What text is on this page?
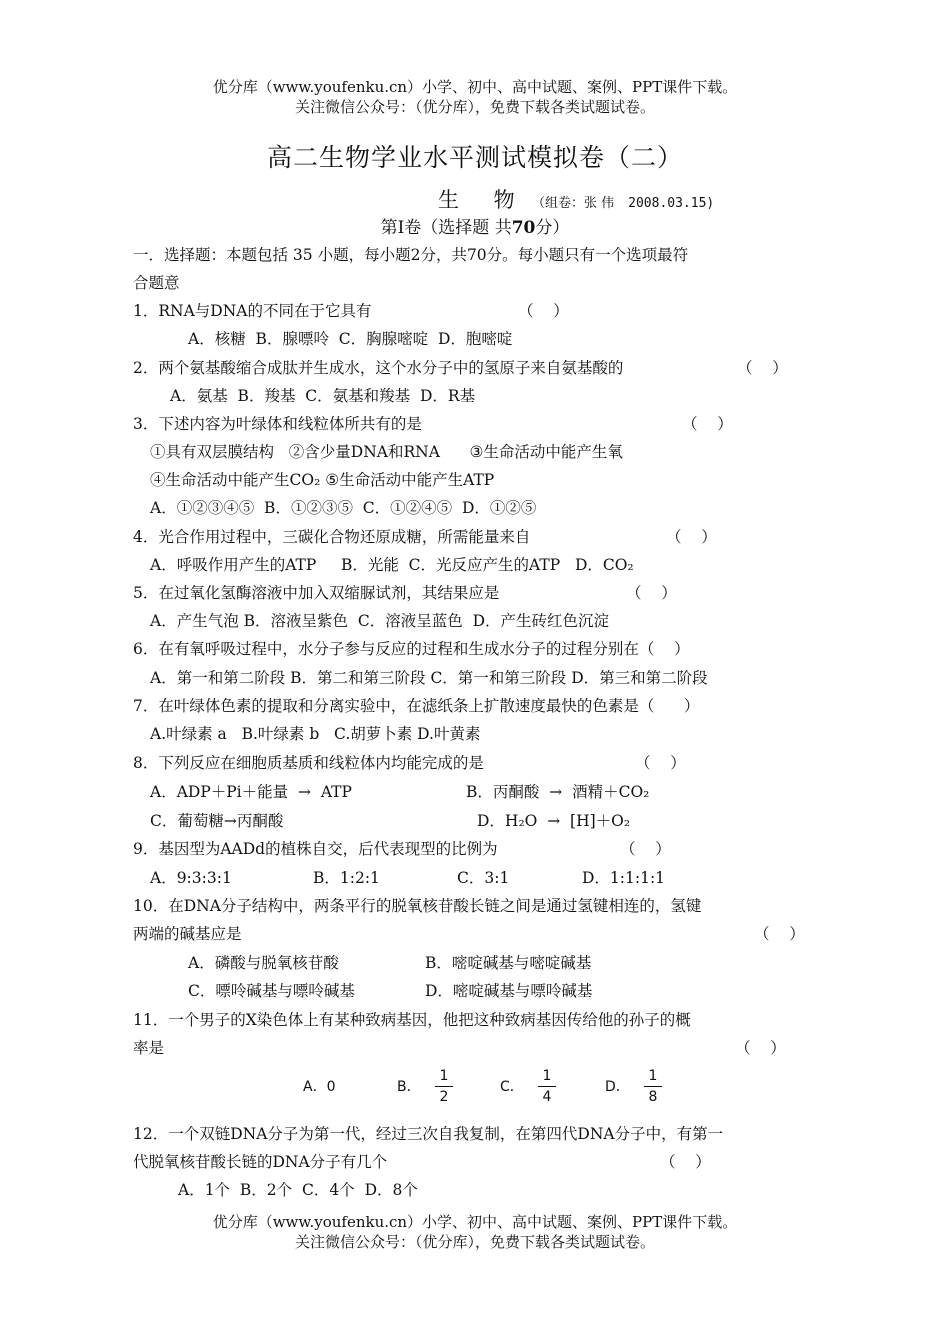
优分库（www.youfenku.cn）小学、初中、高中试题、案例、PPT课件下载。
关注微信公众号：（优分库），免费下载各类试题试卷。
高二生物学业水平测试模拟卷（二）
生 物 （组卷：张 伟 2008.03.15)
第Ⅰ卷（选择题 共70分）
一．选择题：本题包括 35 小题，每小题2分，共70分。每小题只有一个选项最符
合题意
1．RNA与DNA的不同在于它具有	（    ）
A．核糖  B．腺嘌呤  C．胸腺嘧啶  D．胞嘧啶
2．两个氨基酸缩合成肽并生成水，这个水分子中的氢原子来自氨基酸的	（    ）
A．氨基  B．羧基  C．氨基和羧基  D．R基
3．下述内容为叶绿体和线粒体所共有的是	（    ）
①具有双层膜结构   ②含少量DNA和RNA      ③生命活动中能产生氧
④生命活动中能产生CO₂ ⑤生命活动中能产生ATP
A．①②③④⑤  B．①②③⑤  C．①②④⑤  D．①②⑤
4．光合作用过程中，三碳化合物还原成糖，所需能量来自	（    ）
A．呼吸作用产生的ATP     B．光能  C．光反应产生的ATP   D．CO₂
5．在过氧化氢酶溶液中加入双缩脲试剂，其结果应是	（    ）
A．产生气泡 B．溶液呈紫色  C．溶液呈蓝色  D．产生砖红色沉淀
6．在有氧呼吸过程中，水分子参与反应的过程和生成水分子的过程分别在（    ）
A．第一和第二阶段 B．第二和第三阶段 C．第一和第三阶段 D．第三和第二阶段
7．在叶绿体色素的提取和分离实验中，在滤纸条上扩散速度最快的色素是（      ）
A.叶绿素 a   B.叶绿素 b   C.胡萝卜素 D.叶黄素
8．下列反应在细胞质基质和线粒体内均能完成的是	（    ）
A．ADP＋Pi＋能量  →  ATP	B．丙酮酸  →  酒精＋CO₂
C．葡萄糖→丙酮酸	D．H₂O  →  [H]＋O₂
9．基因型为AADd的植株自交，后代表现型的比例为	（    ）
A．9:3:3:1	B．1:2:1	C．3:1	D．1:1:1:1
10．在DNA分子结构中，两条平行的脱氧核苷酸长链之间是通过氢键相连的，氢键
两端的碱基应是	（    ）
A．磷酸与脱氧核苷酸	B．嘧啶碱基与嘧啶碱基
C．嘌呤碱基与嘌呤碱基	D．嘧啶碱基与嘌呤碱基
11．一个男子的X染色体上有某种致病基因，他把这种致病基因传给他的孙子的概
率是	（    ）
A．0	B．
1
2
C．
1
4
D．
1
8
12．一个双链DNA分子为第一代，经过三次自我复制，在第四代DNA分子中，有第一
代脱氧核苷酸长链的DNA分子有几个	（    ）
A．1个  B．2个  C．4个  D．8个
优分库（www.youfenku.cn）小学、初中、高中试题、案例、PPT课件下载。
关注微信公众号：（优分库），免费下载各类试题试卷。
